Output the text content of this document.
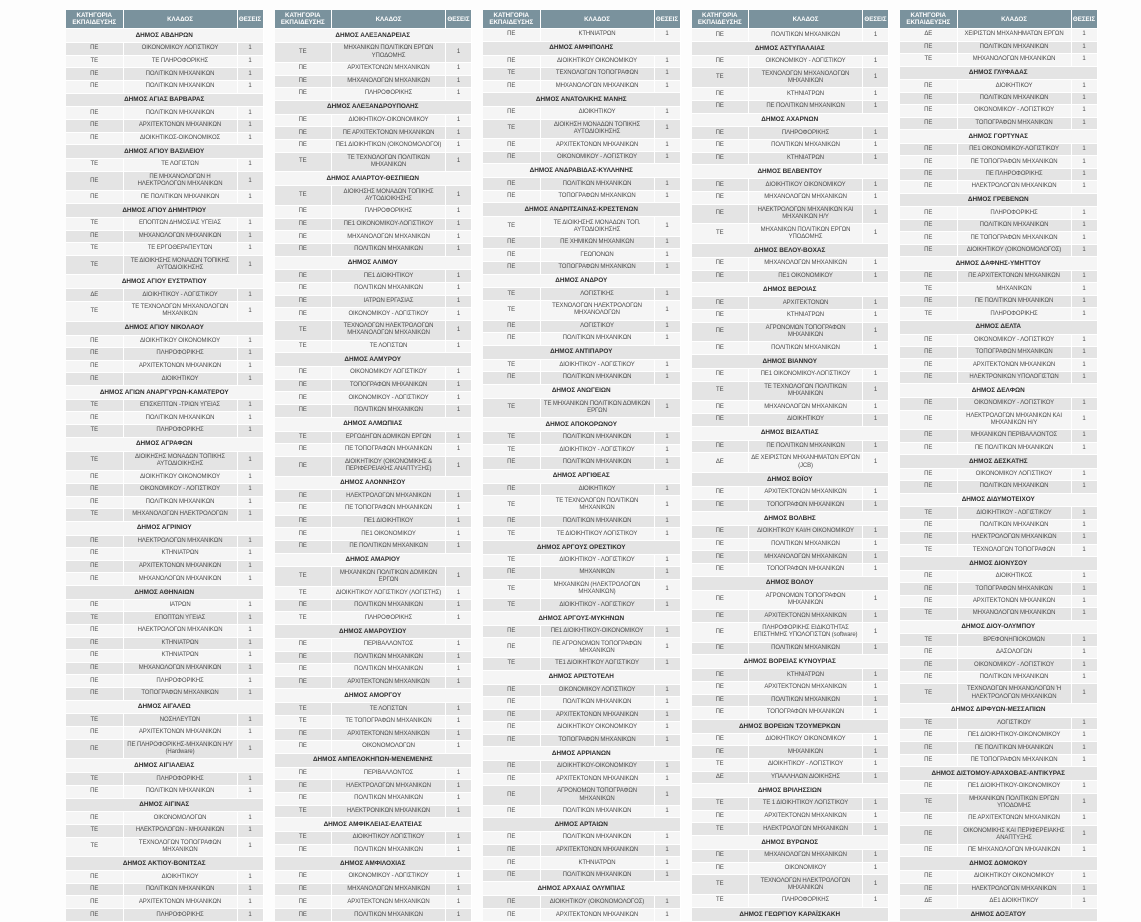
ΚΑΤΗΓΟΡΙΑ ΕΚΠΑΙΔΕΥΣΗΣ	ΚΛΑΔΟΣ	ΘΕΣΕΙΣ
ΔΗΜΟΣ ΑΒΔΗΡΩΝ		
ΠΕ	ΟΙΚΟΝΟΜΙΚΟΥ ΛΟΓΙΣΤΙΚΟΥ	1
ΤΕ	ΤΕ ΠΛΗΡΟΦΟΡΙΚΗΣ	1
ΠΕ	ΠΟΛΙΤΙΚΩΝ ΜΗΧΑΝΙΚΩΝ	1
ΠΕ	ΠΟΛΙΤΙΚΩΝ ΜΗΧΑΝΙΚΩΝ	1
ΔΗΜΟΣ ΑΓΙΑΣ ΒΑΡΒΑΡΑΣ		
ΠΕ	ΠΟΛΙΤΙΚΩΝ ΜΗΧΑΝΙΚΩΝ	1
ΠΕ	ΑΡΧΙΤΕΚΤΟΝΩΝ ΜΗΧΑΝΙΚΩΝ	1
ΠΕ	ΔΙΟΙΚΗΤΙΚΟΣ-ΟΙΚΟΝΟΜΙΚΟΣ	1
ΔΗΜΟΣ ΑΓΙΟΥ ΒΑΣΙΛΕΙΟΥ		
ΤΕ	ΤΕ ΛΟΓΙΣΤΩΝ	1
ΠΕ	ΠΕ ΜΗΧΑΝΟΛΟΓΩΝ Η ΗΛΕΚΤΡΟΛΟΓΩΝ ΜΗΧΑΝΙΚΩΝ	1
ΠΕ	ΠΕ ΠΟΛΙΤΙΚΩΝ ΜΗΧΑΝΙΚΩΝ	1
ΔΗΜΟΣ ΑΓΙΟΥ ΔΗΜΗΤΡΙΟΥ		
ΤΕ	ΕΠΟΠΤΩΝ ΔΗΜΟΣΙΑΣ ΥΓΕΙΑΣ	1
ΠΕ	ΜΗΧΑΝΟΛΟΓΩΝ ΜΗΧΑΝΙΚΩΝ	1
ΤΕ	ΤΕ ΕΡΓΟΘΕΡΑΠΕΥΤΩΝ	1
ΤΕ	ΤΕ ΔΙΟΙΚΗΣΗΣ ΜΟΝΑΔΩΝ ΤΟΠΙΚΗΣ ΑΥΤΟΔΙΟΙΚΗΣΗΣ	1
ΔΗΜΟΣ ΑΓΙΟΥ ΕΥΣΤΡΑΤΙΟΥ		
ΔΕ	ΔΙΟΙΚΗΤΙΚΟΥ - ΛΟΓΙΣΤΙΚΟΥ	1
ΤΕ	ΤΕ ΤΕΧΝΟΛΟΓΩΝ ΜΗΧΑΝΟΛΟΓΩΝ ΜΗΧΑΝΙΚΩΝ	1
ΔΗΜΟΣ ΑΓΙΟΥ ΝΙΚΟΛΑΟΥ		
ΠΕ	ΔΙΟΙΚΗΤΙΚΟΥ ΟΙΚΟΝΟΜΙΚΟΥ	1
ΠΕ	ΠΛΗΡΟΦΟΡΙΚΗΣ	1
ΠΕ	ΑΡΧΙΤΕΚΤΟΝΩΝ ΜΗΧΑΝΙΚΩΝ	1
ΠΕ	ΔΙΟΙΚΗΤΙΚΟΥ	1
ΔΗΜΟΣ ΑΓΙΩΝ ΑΝΑΡΓΥΡΩΝ-ΚΑΜΑΤΕΡΟΥ		
ΤΕ	ΕΠΙΣΚΕΠΤΩΝ -ΤΡΙΩΝ ΥΓΕΙΑΣ	1
ΠΕ	ΠΟΛΙΤΙΚΩΝ ΜΗΧΑΝΙΚΩΝ	1
ΤΕ	ΠΛΗΡΟΦΟΡΙΚΗΣ	1
ΔΗΜΟΣ ΑΓΡΑΦΩΝ		
ΤΕ	ΔΙΟΙΚΗΣΗΣ ΜΟΝΑΔΩΝ ΤΟΠΙΚΗΣ ΑΥΤΟΔΙΟΙΚΗΣΗΣ	1
ΠΕ	ΔΙΟΙΚΗΤΙΚΟΥ ΟΙΚΟΝΟΜΙΚΟΥ	1
ΠΕ	ΟΙΚΟΝΟΜΙΚΟΥ - ΛΟΓΙΣΤΙΚΟΥ	1
ΠΕ	ΠΟΛΙΤΙΚΩΝ ΜΗΧΑΝΙΚΩΝ	1
ΤΕ	ΜΗΧΑΝΟΛΟΓΩΝ ΗΛΕΚΤΡΟΛΟΓΩΝ	1
ΔΗΜΟΣ ΑΓΡΙΝΙΟΥ		
ΠΕ	ΗΛΕΚΤΡΟΛΟΓΩΝ ΜΗΧΑΝΙΚΩΝ	1
ΠΕ	ΚΤΗΝΙΑΤΡΩΝ	1
ΠΕ	ΑΡΧΙΤΕΚΤΟΝΩΝ ΜΗΧΑΝΙΚΩΝ	1
ΠΕ	ΜΗΧΑΝΟΛΟΓΩΝ ΜΗΧΑΝΙΚΩΝ	1
ΔΗΜΟΣ ΑΘΗΝΑΙΩΝ		
ΠΕ	ΙΑΤΡΩΝ	1
ΤΕ	ΕΠΟΠΤΩΝ ΥΓΕΙΑΣ	1
ΠΕ	ΗΛΕΚΤΡΟΛΟΓΩΝ ΜΗΧΑΝΙΚΩΝ	1
ΠΕ	ΚΤΗΝΙΑΤΡΩΝ	1
ΠΕ	ΚΤΗΝΙΑΤΡΩΝ	1
ΠΕ	ΜΗΧΑΝΟΛΟΓΩΝ ΜΗΧΑΝΙΚΩΝ	1
ΠΕ	ΠΛΗΡΟΦΟΡΙΚΗΣ	1
ΠΕ	ΤΟΠΟΓΡΑΦΩΝ ΜΗΧΑΝΙΚΩΝ	1
ΔΗΜΟΣ ΑΙΓΑΛΕΩ		
ΤΕ	ΝΟΣΗΛΕΥΤΩΝ	1
ΠΕ	ΑΡΧΙΤΕΚΤΟΝΩΝ ΜΗΧΑΝΙΚΩΝ	1
ΠΕ	ΠΕ ΠΛΗΡΟΦΟΡΙΚΗΣ-ΜΗΧΑΝΙΚΩΝ Η/Υ (Hardware)	1
ΔΗΜΟΣ ΑΙΓΙΑΛΕΙΑΣ		
ΤΕ	ΠΛΗΡΟΦΟΡΙΚΗΣ	1
ΠΕ	ΠΟΛΙΤΙΚΩΝ ΜΗΧΑΝΙΚΩΝ	1
ΔΗΜΟΣ ΑΙΓΙΝΑΣ		
ΠΕ	ΟΙΚΟΝΟΜΟΛΟΓΩΝ	1
ΤΕ	ΗΛΕΚΤΡΟΛΟΓΩΝ - ΜΗΧΑΝΙΚΩΝ	1
ΤΕ	ΤΕΧΝΟΛΟΓΩΝ ΤΟΠΟΓΡΑΦΩΝ ΜΗΧΑΝΙΚΩΝ	1
ΔΗΜΟΣ ΑΚΤΙΟΥ-ΒΟΝΙΤΣΑΣ		
ΠΕ	ΔΙΟΙΚΗΤΙΚΟΥ	1
ΠΕ	ΠΟΛΙΤΙΚΩΝ ΜΗΧΑΝΙΚΩΝ	1
ΠΕ	ΑΡΧΙΤΕΚΤΟΝΩΝ ΜΗΧΑΝΙΚΩΝ	1
ΠΕ	ΠΛΗΡΟΦΟΡΙΚΗΣ	1
ΚΑΤΗΓΟΡΙΑ ΕΚΠΑΙΔΕΥΣΗΣ	ΚΛΑΔΟΣ	ΘΕΣΕΙΣ
ΔΗΜΟΣ ΑΛΕΞΑΝΔΡΕΙΑΣ		
ΤΕ	ΜΗΧΑΝΙΚΩΝ ΠΟΛΙΤΙΚΩΝ ΕΡΓΩΝ ΥΠΟΔΟΜΗΣ	1
ΠΕ	ΑΡΧΙΤΕΚΤΟΝΩΝ ΜΗΧΑΝΙΚΩΝ	1
ΠΕ	ΜΗΧΑΝΟΛΟΓΩΝ ΜΗΧΑΝΙΚΩΝ	1
ΠΕ	ΠΛΗΡΟΦΟΡΙΚΗΣ	1
ΔΗΜΟΣ ΑΛΕΞΑΝΔΡΟΥΠΟΛΗΣ		
ΠΕ	ΔΙΟΙΚΗΤΙΚΟΥ-ΟΙΚΟΝΟΜΙΚΟΥ	1
ΠΕ	ΠΕ ΑΡΧΙΤΕΚΤΟΝΩΝ ΜΗΧΑΝΙΚΩΝ	1
ΠΕ	ΠΕ1 ΔΙΟΙΚΗΤΙΚΩΝ (ΟΙΚΟΝΟΜΟΛΟΓΟΙ)	1
ΤΕ	ΤΕ ΤΕΧΝΟΛΟΓΩΝ ΠΟΛΙΤΙΚΩΝ ΜΗΧΑΝΙΚΩΝ	1
ΔΗΜΟΣ ΑΛΙΑΡΤΟΥ-ΘΕΣΠΙΕΩΝ		
ΤΕ	ΔΙΟΙΚΗΣΗΣ ΜΟΝΑΔΩΝ ΤΟΠΙΚΗΣ ΑΥΤΟΔΙΟΙΚΗΣΗΣ	1
ΠΕ	ΠΛΗΡΟΦΟΡΙΚΗΣ	1
ΠΕ	ΠΕ1 ΟΙΚΟΝΟΜΙΚΟΥ-ΛΟΓΙΣΤΙΚΟΥ	1
ΠΕ	ΜΗΧΑΝΟΛΟΓΩΝ ΜΗΧΑΝΙΚΩΝ	1
ΠΕ	ΠΟΛΙΤΙΚΩΝ ΜΗΧΑΝΙΚΩΝ	1
ΔΗΜΟΣ ΑΛΙΜΟΥ		
ΠΕ	ΠΕ1 ΔΙΟΙΚΗΤΙΚΟΥ	1
ΠΕ	ΠΟΛΙΤΙΚΩΝ ΜΗΧΑΝΙΚΩΝ	1
ΠΕ	ΙΑΤΡΩΝ ΕΡΓΑΣΙΑΣ	1
ΠΕ	ΟΙΚΟΝΟΜΙΚΟΥ - ΛΟΓΙΣΤΙΚΟΥ	1
ΤΕ	ΤΕΧΝΟΛΟΓΩΝ ΗΛΕΚΤΡΟΛΟΓΩΝ ΜΗΧΑΝΟΛΟΓΩΝ ΜΗΧΑΝΙΚΩΝ	1
ΤΕ	ΤΕ ΛΟΓΙΣΤΩΝ	1
ΔΗΜΟΣ ΑΛΜΥΡΟΥ		
ΠΕ	ΟΙΚΟΝΟΜΙΚΟΥ ΛΟΓΙΣΤΙΚΟΥ	1
ΠΕ	ΤΟΠΟΓΡΑΦΩΝ ΜΗΧΑΝΙΚΩΝ	1
ΠΕ	ΟΙΚΟΝΟΜΙΚΟΥ - ΛΟΓΙΣΤΙΚΟΥ	1
ΠΕ	ΠΟΛΙΤΙΚΩΝ ΜΗΧΑΝΙΚΩΝ	1
ΔΗΜΟΣ ΑΛΜΩΠΙΑΣ		
ΤΕ	ΕΡΓΟΔΗΓΩΝ ΔΟΜΙΚΩΝ ΕΡΓΩΝ	1
ΠΕ	ΠΕ ΤΟΠΟΓΡΑΦΩΝ ΜΗΧΑΝΙΚΩΝ	1
ΠΕ	ΔΙΟΙΚΗΤΙΚΟΥ (ΟΙΚΟΝΟΜΙΚΗΣ & ΠΕΡΙΦΕΡΕΙΑΚΗΣ ΑΝΑΠΤΥΞΗΣ)	1
ΔΗΜΟΣ ΑΛΟΝΝΗΣΟΥ		
ΠΕ	ΗΛΕΚΤΡΟΛΟΓΩΝ ΜΗΧΑΝΙΚΩΝ	1
ΠΕ	ΠΕ ΤΟΠΟΓΡΑΦΩΝ ΜΗΧΑΝΙΚΩΝ	1
ΠΕ	ΠΕ1 ΔΙΟΙΚΗΤΙΚΟΥ	1
ΠΕ	ΠΕ1 ΟΙΚΟΝΟΜΙΚΟΥ	1
ΠΕ	ΠΕ ΠΟΛΙΤΙΚΩΝ ΜΗΧΑΝΙΚΩΝ	1
ΔΗΜΟΣ ΑΜΑΡΙΟΥ		
ΤΕ	ΜΗΧΑΝΙΚΩΝ ΠΟΛΙΤΙΚΩΝ ΔΟΜΙΚΩΝ ΕΡΓΩΝ	1
ΤΕ	ΔΙΟΙΚΗΤΙΚΟΥ ΛΟΓΙΣΤΙΚΟΥ (ΛΟΓΙΣΤΗΣ)	1
ΠΕ	ΠΟΛΙΤΙΚΩΝ ΜΗΧΑΝΙΚΩΝ	1
ΤΕ	ΠΛΗΡΟΦΟΡΙΚΗΣ	1
ΔΗΜΟΣ ΑΜΑΡΟΥΣΙΟΥ		
ΠΕ	ΠΕΡΙΒΑΛΛΟΝΤΟΣ	1
ΠΕ	ΠΟΛΙΤΙΚΩΝ ΜΗΧΑΝΙΚΩΝ	1
ΠΕ	ΠΟΛΙΤΙΚΩΝ ΜΗΧΑΝΙΚΩΝ	1
ΠΕ	ΑΡΧΙΤΕΚΤΟΝΩΝ ΜΗΧΑΝΙΚΩΝ	1
ΔΗΜΟΣ ΑΜΟΡΓΟΥ		
ΤΕ	ΤΕ ΛΟΓΙΣΤΩΝ	1
ΤΕ	ΤΕ ΤΟΠΟΓΡΑΦΩΝ ΜΗΧΑΝΙΚΩΝ	1
ΠΕ	ΑΡΧΙΤΕΚΤΟΝΩΝ ΜΗΧΑΝΙΚΩΝ	1
ΠΕ	ΟΙΚΟΝΟΜΟΛΟΓΩΝ	1
ΔΗΜΟΣ ΑΜΠΕΛΟΚΗΠΩΝ-ΜΕΝΕΜΕΝΗΣ		
ΠΕ	ΠΕΡΙΒΑΛΛΟΝΤΟΣ	1
ΠΕ	ΗΛΕΚΤΡΟΛΟΓΩΝ ΜΗΧΑΝΙΚΩΝ	1
ΠΕ	ΠΟΛΙΤΙΚΩΝ ΜΗΧΑΝΙΚΩΝ	1
ΤΕ	ΗΛΕΚΤΡΟΝΙΚΩΝ ΜΗΧΑΝΙΚΩΝ	1
ΔΗΜΟΣ ΑΜΦΙΚΛΕΙΑΣ-ΕΛΑΤΕΙΑΣ		
ΤΕ	ΔΙΟΙΚΗΤΙΚΟΥ ΛΟΓΙΣΤΙΚΟΥ	1
ΠΕ	ΠΟΛΙΤΙΚΩΝ ΜΗΧΑΝΙΚΩΝ	1
ΔΗΜΟΣ ΑΜΦΙΛΟΧΙΑΣ		
ΠΕ	ΟΙΚΟΝΟΜΙΚΟΥ - ΛΟΓΙΣΤΙΚΟΥ	1
ΠΕ	ΜΗΧΑΝΟΛΟΓΩΝ ΜΗΧΑΝΙΚΩΝ	1
ΠΕ	ΑΡΧΙΤΕΚΤΟΝΩΝ ΜΗΧΑΝΙΚΩΝ	1
ΠΕ	ΠΟΛΙΤΙΚΩΝ ΜΗΧΑΝΙΚΩΝ	1
ΚΑΤΗΓΟΡΙΑ ΕΚΠΑΙΔΕΥΣΗΣ	ΚΛΑΔΟΣ	ΘΕΣΕΙΣ
ΠΕ	ΚΤΗΝΙΑΤΡΩΝ	1
ΔΗΜΟΣ ΑΜΦΙΠΟΛΗΣ		
ΠΕ	ΔΙΟΙΚΗΤΙΚΟΥ ΟΙΚΟΝΟΜΙΚΟΥ	1
ΤΕ	ΤΕΧΝΟΛΟΓΩΝ ΤΟΠΟΓΡΑΦΩΝ	1
ΠΕ	ΜΗΧΑΝΟΛΟΓΩΝ ΜΗΧΑΝΙΚΩΝ	1
ΔΗΜΟΣ ΑΝΑΤΟΛΙΚΗΣ ΜΑΝΗΣ		
ΠΕ	ΔΙΟΙΚΗΤΙΚΟΥ	1
ΤΕ	ΔΙΟΙΚΗΣΗ ΜΟΝΑΔΩΝ ΤΟΠΙΚΗΣ ΑΥΤΟΔΙΟΙΚΗΣΗΣ	1
ΠΕ	ΑΡΧΙΤΕΚΤΟΝΩΝ ΜΗΧΑΝΙΚΩΝ	1
ΠΕ	ΟΙΚΟΝΟΜΙΚΟΥ - ΛΟΓΙΣΤΙΚΟΥ	1
ΔΗΜΟΣ ΑΝΔΡΑΒΙΔΑΣ-ΚΥΛΛΗΝΗΣ		
ΠΕ	ΠΟΛΙΤΙΚΩΝ ΜΗΧΑΝΙΚΩΝ	1
ΠΕ	ΤΟΠΟΓΡΑΦΩΝ ΜΗΧΑΝΙΚΩΝ	1
ΔΗΜΟΣ ΑΝΔΡΙΤΣΑΙΝΑΣ-ΚΡΕΣΤΕΝΩΝ		
ΤΕ	ΤΕ ΔΙΟΙΚΗΣΗΣ ΜΟΝΑΔΩΝ ΤΟΠ. ΑΥΤΟΔΙΟΙΚΗΣΗΣ	1
ΠΕ	ΠΕ ΧΗΜΙΚΩΝ ΜΗΧΑΝΙΚΩΝ	1
ΠΕ	ΓΕΩΠΟΝΩΝ	1
ΠΕ	ΤΟΠΟΓΡΑΦΩΝ ΜΗΧΑΝΙΚΩΝ	1
ΔΗΜΟΣ ΑΝΔΡΟΥ		
ΤΕ	ΛΟΓΙΣΤΙΚΗΣ	1
ΤΕ	ΤΕΧΝΟΛΟΓΩΝ ΗΛΕΚΤΡΟΛΟΓΩΝ ΜΗΧΑΝΟΛΟΓΩΝ	1
ΠΕ	ΛΟΓΙΣΤΙΚΟΥ	1
ΠΕ	ΠΟΛΙΤΙΚΩΝ ΜΗΧΑΝΙΚΩΝ	1
ΔΗΜΟΣ ΑΝΤΙΠΑΡΟΥ		
ΤΕ	ΔΙΟΙΚΗΤΙΚΟΥ - ΛΟΓΙΣΤΙΚΟΥ	1
ΠΕ	ΠΟΛΙΤΙΚΩΝ ΜΗΧΑΝΙΚΩΝ	1
ΔΗΜΟΣ ΑΝΩΓΕΙΩΝ		
ΤΕ	ΤΕ ΜΗΧΑΝΙΚΩΝ ΠΟΛΙΤΙΚΩΝ ΔΟΜΙΚΩΝ ΕΡΓΩΝ	1
ΔΗΜΟΣ ΑΠΟΚΟΡΩΝΟΥ		
ΤΕ	ΠΟΛΙΤΙΚΩΝ ΜΗΧΑΝΙΚΩΝ	1
ΤΕ	ΔΙΟΙΚΗΤΙΚΟΥ - ΛΟΓΙΣΤΙΚΟΥ	1
ΠΕ	ΠΟΛΙΤΙΚΩΝ ΜΗΧΑΝΙΚΩΝ	1
ΔΗΜΟΣ ΑΡΓΙΘΕΑΣ		
ΠΕ	ΔΙΟΙΚΗΤΙΚΟΥ	1
ΤΕ	ΤΕ ΤΕΧΝΟΛΟΓΩΝ ΠΟΛΙΤΙΚΩΝ ΜΗΧΑΝΙΚΩΝ	1
ΠΕ	ΠΟΛΙΤΙΚΩΝ ΜΗΧΑΝΙΚΩΝ	1
ΤΕ	ΤΕ ΔΙΟΙΚΗΤΙΚΟΥ ΛΟΓΙΣΤΙΚΟΥ	1
ΔΗΜΟΣ ΑΡΓΟΥΣ ΟΡΕΣΤΙΚΟΥ		
ΤΕ	ΔΙΟΙΚΗΤΙΚΟΥ - ΛΟΓΙΣΤΙΚΟΥ	1
ΠΕ	ΜΗΧΑΝΙΚΩΝ	1
ΤΕ	ΜΗΧΑΝΙΚΩΝ (ΗΛΕΚΤΡΟΛΟΓΩΝ ΜΗΧΑΝΙΚΩΝ)	1
ΤΕ	ΔΙΟΙΚΗΤΙΚΟΥ - ΛΟΓΙΣΤΙΚΟΥ	1
ΔΗΜΟΣ ΑΡΓΟΥΣ-ΜΥΚΗΝΩΝ		
ΠΕ	ΠΕ1 ΔΙΟΙΚΗΤΙΚΟΥ-ΟΙΚΟΝΟΜΙΚΟΥ	1
ΠΕ	ΠΕ ΑΓΡΟΝΟΜΩΝ ΤΟΠΟΓΡΑΦΩΝ ΜΗΧΑΝΙΚΩΝ	1
ΤΕ	ΤΕ1 ΔΙΟΙΚΗΤΙΚΟΥ ΛΟΓΙΣΤΙΚΟΥ	1
ΔΗΜΟΣ ΑΡΙΣΤΟΤΕΛΗ		
ΠΕ	ΟΙΚΟΝΟΜΙΚΟΥ ΛΟΓΙΣΤΙΚΟΥ	1
ΠΕ	ΠΟΛΙΤΙΚΩΝ ΜΗΧΑΝΙΚΩΝ	1
ΠΕ	ΑΡΧΙΤΕΚΤΟΝΩΝ ΜΗΧΑΝΙΚΩΝ	1
ΠΕ	ΔΙΟΙΚΗΤΙΚΟΥ ΟΙΚΟΝΟΜΙΚΟΥ	1
ΠΕ	ΤΟΠΟΓΡΑΦΩΝ ΜΗΧΑΝΙΚΩΝ	1
ΔΗΜΟΣ ΑΡΡΙΑΝΩΝ		
ΠΕ	ΔΙΟΙΚΗΤΙΚΟΥ-ΟΙΚΟΝΟΜΙΚΟΥ	1
ΠΕ	ΑΡΧΙΤΕΚΤΟΝΩΝ ΜΗΧΑΝΙΚΩΝ	1
ΠΕ	ΑΓΡΟΝΟΜΩΝ ΤΟΠΟΓΡΑΦΩΝ ΜΗΧΑΝΙΚΩΝ	1
ΠΕ	ΠΟΛΙΤΙΚΩΝ ΜΗΧΑΝΙΚΩΝ	1
ΔΗΜΟΣ ΑΡΤΑΙΩΝ		
ΠΕ	ΠΟΛΙΤΙΚΩΝ ΜΗΧΑΝΙΚΩΝ	1
ΠΕ	ΑΡΧΙΤΕΚΤΟΝΩΝ ΜΗΧΑΝΙΚΩΝ	1
ΠΕ	ΚΤΗΝΙΑΤΡΩΝ	1
ΠΕ	ΠΟΛΙΤΙΚΩΝ ΜΗΧΑΝΙΚΩΝ	1
ΔΗΜΟΣ ΑΡΧΑΙΑΣ ΟΛΥΜΠΙΑΣ		
ΠΕ	ΔΙΟΙΚΗΤΙΚΟΥ (ΟΙΚΟΝΟΜΟΛΟΓΟΣ)	1
ΠΕ	ΑΡΧΙΤΕΚΤΟΝΩΝ ΜΗΧΑΝΙΚΩΝ	1
ΚΑΤΗΓΟΡΙΑ ΕΚΠΑΙΔΕΥΣΗΣ	ΚΛΑΔΟΣ	ΘΕΣΕΙΣ
ΠΕ	ΠΟΛΙΤΙΚΩΝ ΜΗΧΑΝΙΚΩΝ	1
ΔΗΜΟΣ ΑΣΤΥΠΑΛΑΙΑΣ		
ΠΕ	ΟΙΚΟΝΟΜΙΚΟΥ - ΛΟΓΙΣΤΙΚΟΥ	1
ΤΕ	ΤΕΧΝΟΛΟΓΩΝ ΜΗΧΑΝΟΛΟΓΩΝ ΜΗΧΑΝΙΚΩΝ	1
ΠΕ	ΚΤΗΝΙΑΤΡΩΝ	1
ΠΕ	ΠΕ ΠΟΛΙΤΙΚΩΝ ΜΗΧΑΝΙΚΩΝ	1
ΔΗΜΟΣ ΑΧΑΡΝΩΝ		
ΠΕ	ΠΛΗΡΟΦΟΡΙΚΗΣ	1
ΠΕ	ΠΟΛΙΤΙΚΩΝ ΜΗΧΑΝΙΚΩΝ	1
ΠΕ	ΚΤΗΝΙΑΤΡΩΝ	1
ΔΗΜΟΣ ΒΕΛΒΕΝΤΟΥ		
ΠΕ	ΔΙΟΙΚΗΤΙΚΟΥ ΟΙΚΟΝΟΜΙΚΟΥ	1
ΠΕ	ΜΗΧΑΝΟΛΟΓΩΝ ΜΗΧΑΝΙΚΩΝ	1
ΠΕ	ΗΛΕΚΤΡΟΛΟΓΩΝ ΜΗΧΑΝΙΚΩΝ ΚΑΙ ΜΗΧΑΝΙΚΩΝ Η/Υ	1
ΤΕ	ΜΗΧΑΝΙΚΩΝ ΠΟΛΙΤΙΚΩΝ ΕΡΓΩΝ ΥΠΟΔΟΜΗΣ	1
ΔΗΜΟΣ ΒΕΛΟΥ-ΒΟΧΑΣ		
ΠΕ	ΜΗΧΑΝΟΛΟΓΩΝ ΜΗΧΑΝΙΚΩΝ	1
ΠΕ	ΠΕ1 ΟΙΚΟΝΟΜΙΚΟΥ	1
ΔΗΜΟΣ ΒΕΡΟΙΑΣ		
ΠΕ	ΑΡΧΙΤΕΚΤΟΝΩΝ	1
ΠΕ	ΚΤΗΝΙΑΤΡΩΝ	1
ΠΕ	ΑΓΡΟΝΟΜΩΝ ΤΟΠΟΓΡΑΦΩΝ ΜΗΧΑΝΙΚΩΝ	1
ΠΕ	ΠΟΛΙΤΙΚΩΝ ΜΗΧΑΝΙΚΩΝ	1
ΔΗΜΟΣ ΒΙΑΝΝΟΥ		
ΠΕ	ΠΕ1 ΟΙΚΟΝΟΜΙΚΟΥ-ΛΟΓΙΣΤΙΚΟΥ	1
ΤΕ	ΤΕ ΤΕΧΝΟΛΟΓΩΝ ΠΟΛΙΤΙΚΩΝ ΜΗΧΑΝΙΚΩΝ	1
ΠΕ	ΜΗΧΑΝΟΛΟΓΩΝ ΜΗΧΑΝΙΚΩΝ	1
ΠΕ	ΔΙΟΙΚΗΤΙΚΟΥ	1
ΔΗΜΟΣ ΒΙΣΑΛΤΙΑΣ		
ΠΕ	ΠΕ ΠΟΛΙΤΙΚΩΝ ΜΗΧΑΝΙΚΩΝ	1
ΔΕ	ΔΕ ΧΕΙΡΙΣΤΩΝ ΜΗΧΑΝΗΜΑΤΩΝ ΕΡΓΩΝ (JCB)	1
ΔΗΜΟΣ ΒΟΪΟΥ		
ΠΕ	ΑΡΧΙΤΕΚΤΟΝΩΝ ΜΗΧΑΝΙΚΩΝ	1
ΠΕ	ΤΟΠΟΓΡΑΦΩΝ ΜΗΧΑΝΙΚΩΝ	1
ΔΗΜΟΣ ΒΟΛΒΗΣ		
ΠΕ	ΔΙΟΙΚΗΤΙΚΟΥ ΚΑΙ/Η ΟΙΚΟΝΟΜΙΚΟΥ	1
ΠΕ	ΠΟΛΙΤΙΚΩΝ ΜΗΧΑΝΙΚΩΝ	1
ΠΕ	ΜΗΧΑΝΟΛΟΓΩΝ ΜΗΧΑΝΙΚΩΝ	1
ΠΕ	ΤΟΠΟΓΡΑΦΩΝ ΜΗΧΑΝΙΚΩΝ	1
ΔΗΜΟΣ ΒΟΛΟΥ		
ΠΕ	ΑΓΡΟΝΟΜΩΝ ΤΟΠΟΓΡΑΦΩΝ ΜΗΧΑΝΙΚΩΝ	1
ΠΕ	ΑΡΧΙΤΕΚΤΟΝΩΝ ΜΗΧΑΝΙΚΩΝ	1
ΠΕ	ΠΛΗΡΟΦΟΡΙΚΗΣ ΕΙΔΙΚΟΤΗΤΑΣ ΕΠΙΣΤΗΜΗΣ ΥΠΟΛΟΓΙΣΤΩΝ (software)	1
ΠΕ	ΠΟΛΙΤΙΚΩΝ ΜΗΧΑΝΙΚΩΝ	1
ΔΗΜΟΣ ΒΟΡΕΙΑΣ ΚΥΝΟΥΡΙΑΣ		
ΠΕ	ΚΤΗΝΙΑΤΡΩΝ	1
ΠΕ	ΑΡΧΙΤΕΚΤΟΝΩΝ ΜΗΧΑΝΙΚΩΝ	1
ΠΕ	ΠΟΛΙΤΙΚΩΝ ΜΗΧΑΝΙΚΩΝ	1
ΠΕ	ΤΟΠΟΓΡΑΦΩΝ ΜΗΧΑΝΙΚΩΝ	1
ΔΗΜΟΣ ΒΟΡΕΙΩΝ ΤΖΟΥΜΕΡΚΩΝ		
ΠΕ	ΔΙΟΙΚΗΤΙΚΟΥ ΟΙΚΟΝΟΜΙΚΟΥ	1
ΠΕ	ΜΗΧΑΝΙΚΩΝ	1
ΤΕ	ΔΙΟΙΚΗΤΙΚΟΥ - ΛΟΓΙΣΤΙΚΟΥ	1
ΔΕ	ΥΠΑΛΛΗΛΩΝ ΔΙΟΙΚΗΣΗΣ	1
ΔΗΜΟΣ ΒΡΙΛΗΣΣΙΩΝ		
ΤΕ	ΤΕ 1 ΔΙΟΙΚΗΤΙΚΟΥ ΛΟΓΙΣΤΙΚΟΥ	1
ΠΕ	ΑΡΧΙΤΕΚΤΟΝΩΝ ΜΗΧΑΝΙΚΩΝ	1
ΤΕ	ΗΛΕΚΤΡΟΛΟΓΩΝ ΜΗΧΑΝΙΚΩΝ	1
ΔΗΜΟΣ ΒΥΡΩΝΟΣ		
ΠΕ	ΜΗΧΑΝΟΛΟΓΩΝ ΜΗΧΑΝΙΚΩΝ	1
ΠΕ	ΟΙΚΟΝΟΜΙΚΟΥ	1
ΤΕ	ΤΕΧΝΟΛΟΓΩΝ ΗΛΕΚΤΡΟΛΟΓΩΝ ΜΗΧΑΝΙΚΩΝ	1
ΤΕ	ΠΛΗΡΟΦΟΡΙΚΗΣ	1
ΔΗΜΟΣ ΓΕΩΡΓΙΟΥ ΚΑΡΑΪΣΚΑΚΗ		
ΚΑΤΗΓΟΡΙΑ ΕΚΠΑΙΔΕΥΣΗΣ	ΚΛΑΔΟΣ	ΘΕΣΕΙΣ
ΔΕ	ΧΕΙΡΙΣΤΩΝ ΜΗΧΑΝΗΜΑΤΩΝ ΕΡΓΩΝ	1
ΠΕ	ΠΟΛΙΤΙΚΩΝ ΜΗΧΑΝΙΚΩΝ	1
ΤΕ	ΜΗΧΑΝΟΛΟΓΩΝ ΜΗΧΑΝΙΚΩΝ	1
ΔΗΜΟΣ ΓΛΥΦΑΔΑΣ		
ΠΕ	ΔΙΟΙΚΗΤΙΚΟΥ	1
ΠΕ	ΠΟΛΙΤΙΚΩΝ ΜΗΧΑΝΙΚΩΝ	1
ΠΕ	ΟΙΚΟΝΟΜΙΚΟΥ - ΛΟΓΙΣΤΙΚΟΥ	1
ΠΕ	ΤΟΠΟΓΡΑΦΩΝ ΜΗΧΑΝΙΚΩΝ	1
ΔΗΜΟΣ ΓΟΡΤΥΝΑΣ		
ΠΕ	ΠΕ1 ΟΙΚΟΝΟΜΙΚΟΥ-ΛΟΓΙΣΤΙΚΟΥ	1
ΠΕ	ΠΕ ΤΟΠΟΓΡΑΦΩΝ ΜΗΧΑΝΙΚΩΝ	1
ΠΕ	ΠΕ ΠΛΗΡΟΦΟΡΙΚΗΣ	1
ΠΕ	ΗΛΕΚΤΡΟΛΟΓΩΝ ΜΗΧΑΝΙΚΩΝ	1
ΔΗΜΟΣ ΓΡΕΒΕΝΩΝ		
ΠΕ	ΠΛΗΡΟΦΟΡΙΚΗΣ	1
ΠΕ	ΠΟΛΙΤΙΚΩΝ ΜΗΧΑΝΙΚΩΝ	1
ΠΕ	ΠΕ ΤΟΠΟΓΡΑΦΩΝ ΜΗΧΑΝΙΚΩΝ	1
ΠΕ	ΔΙΟΙΚΗΤΙΚΟΥ (ΟΙΚΟΝΟΜΟΛΟΓΟΣ)	1
ΔΗΜΟΣ ΔΑΦΝΗΣ-ΥΜΗΤΤΟΥ		
ΠΕ	ΠΕ ΑΡΧΙΤΕΚΤΟΝΩΝ ΜΗΧΑΝΙΚΩΝ	1
ΤΕ	ΜΗΧΑΝΙΚΩΝ	1
ΠΕ	ΠΕ ΠΟΛΙΤΙΚΩΝ ΜΗΧΑΝΙΚΩΝ	1
ΤΕ	ΠΛΗΡΟΦΟΡΙΚΗΣ	1
ΔΗΜΟΣ ΔΕΛΤΑ		
ΠΕ	ΟΙΚΟΝΟΜΙΚΟΥ - ΛΟΓΙΣΤΙΚΟΥ	1
ΠΕ	ΤΟΠΟΓΡΑΦΩΝ ΜΗΧΑΝΙΚΩΝ	1
ΠΕ	ΑΡΧΙΤΕΚΤΟΝΩΝ ΜΗΧΑΝΙΚΩΝ	1
ΠΕ	ΗΛΕΚΤΡΟΝΙΚΩΝ ΥΠΟΛΟΓΙΣΤΩΝ	1
ΔΗΜΟΣ ΔΕΛΦΩΝ		
ΠΕ	ΟΙΚΟΝΟΜΙΚΟΥ - ΛΟΓΙΣΤΙΚΟΥ	1
ΠΕ	ΗΛΕΚΤΡΟΛΟΓΩΝ ΜΗΧΑΝΙΚΩΝ ΚΑΙ ΜΗΧΑΝΙΚΩΝ Η/Υ	1
ΠΕ	ΜΗΧΑΝΙΚΩΝ ΠΕΡΙΒΑΛΛΟΝΤΟΣ	1
ΠΕ	ΠΕ ΠΟΛΙΤΙΚΩΝ ΜΗΧΑΝΙΚΩΝ	1
ΔΗΜΟΣ ΔΕΣΚΑΤΗΣ		
ΠΕ	ΟΙΚΟΝΟΜΙΚΟΥ ΛΟΓΙΣΤΙΚΟΥ	1
ΠΕ	ΠΟΛΙΤΙΚΩΝ ΜΗΧΑΝΙΚΩΝ	1
ΔΗΜΟΣ ΔΙΔΥΜΟΤΕΙΧΟΥ		
ΤΕ	ΔΙΟΙΚΗΤΙΚΟΥ - ΛΟΓΙΣΤΙΚΟΥ	1
ΠΕ	ΠΟΛΙΤΙΚΩΝ ΜΗΧΑΝΙΚΩΝ	1
ΠΕ	ΗΛΕΚΤΡΟΛΟΓΩΝ ΜΗΧΑΝΙΚΩΝ	1
ΤΕ	ΤΕΧΝΟΛΟΓΩΝ ΤΟΠΟΓΡΑΦΩΝ	1
ΔΗΜΟΣ ΔΙΟΝΥΣΟΥ		
ΠΕ	ΔΙΟΙΚΗΤΙΚΟΣ	1
ΠΕ	ΤΟΠΟΓΡΑΦΩΝ ΜΗΧΑΝΙΚΩΝ	1
ΠΕ	ΑΡΧΙΤΕΚΤΟΝΩΝ ΜΗΧΑΝΙΚΩΝ	1
ΤΕ	ΜΗΧΑΝΟΛΟΓΩΝ ΜΗΧΑΝΙΚΩΝ	1
ΔΗΜΟΣ ΔΙΟΥ-ΟΛΥΜΠΟΥ		
ΤΕ	ΒΡΕΦΟΝΗΠΙΟΚΟΜΩΝ	1
ΠΕ	ΔΑΣΟΛΟΓΩΝ	1
ΠΕ	ΟΙΚΟΝΟΜΙΚΟΥ - ΛΟΓΙΣΤΙΚΟΥ	1
ΠΕ	ΠΟΛΙΤΙΚΩΝ ΜΗΧΑΝΙΚΩΝ	1
ΤΕ	ΤΕΧΝΟΛΟΓΩΝ ΜΗΧΑΝΟΛΟΓΩΝ Ή ΗΛΕΚΤΡΟΛΟΓΩΝ ΜΗΧΑΝΙΚΩΝ	1
ΔΗΜΟΣ ΔΙΡΦΥΩΝ-ΜΕΣΣΑΠΙΩΝ		
ΤΕ	ΛΟΓΙΣΤΙΚΟΥ	1
ΠΕ	ΠΕ1 ΔΙΟΙΚΗΤΙΚΟΥ-ΟΙΚΟΝΟΜΙΚΟΥ	1
ΠΕ	ΠΕ ΠΟΛΙΤΙΚΩΝ ΜΗΧΑΝΙΚΩΝ	1
ΠΕ	ΠΕ ΤΟΠΟΓΡΑΦΩΝ ΜΗΧΑΝΙΚΩΝ	1
ΔΗΜΟΣ ΔΙΣΤΟΜΟΥ-ΑΡΑΧΟΒΑΣ-ΑΝΤΙΚΥΡΑΣ		
ΠΕ	ΠΕ1 ΔΙΟΙΚΗΤΙΚΟΥ-ΟΙΚΟΝΟΜΙΚΟΥ	1
ΤΕ	ΜΗΧΑΝΙΚΩΝ ΠΟΛΙΤΙΚΩΝ ΕΡΓΩΝ ΥΠΟΔΟΜΗΣ	1
ΠΕ	ΠΕ ΑΡΧΙΤΕΚΤΟΝΩΝ ΜΗΧΑΝΙΚΩΝ	1
ΠΕ	ΟΙΚΟΝΟΜΙΚΗΣ ΚΑΙ ΠΕΡΙΦΕΡΕΙΑΚΗΣ ΑΝΑΠΤΥΞΗΣ	1
ΠΕ	ΠΕ ΜΗΧΑΝΟΛΟΓΩΝ ΜΗΧΑΝΙΚΩΝ	1
ΔΗΜΟΣ ΔΟΜΟΚΟΥ		
ΠΕ	ΔΙΟΙΚΗΤΙΚΟΥ ΟΙΚΟΝΟΜΙΚΟΥ	1
ΠΕ	ΗΛΕΚΤΡΟΛΟΓΩΝ ΜΗΧΑΝΙΚΩΝ	1
ΔΕ	ΔΕ1 ΔΙΟΙΚΗΤΙΚΟΥ	1
ΔΗΜΟΣ ΔΟΞΑΤΟΥ		
